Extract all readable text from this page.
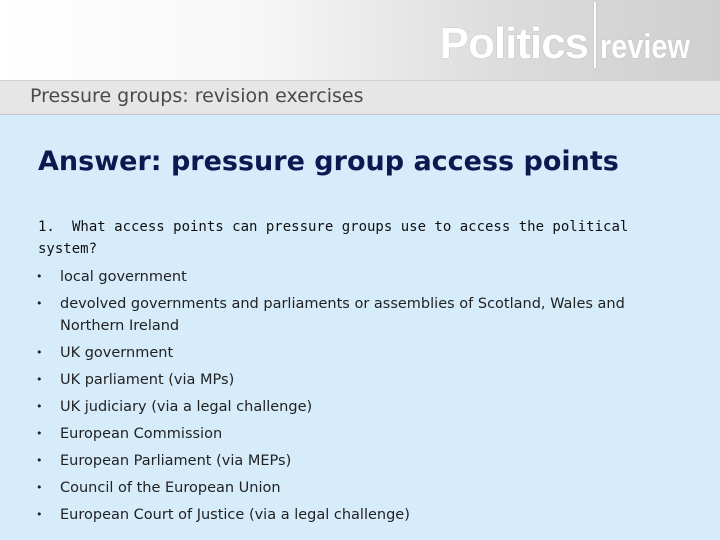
Politics review
Pressure groups: revision exercises
Answer: pressure group access points

1. What access points can pressure groups use to access the political system?

•	local government
•	devolved governments and parliaments or assemblies of Scotland, Wales and Northern Ireland
•	UK government
•	UK parliament (via MPs)
•	UK judiciary (via a legal challenge)
•	European Commission
•	European Parliament (via MEPs)
•	Council of the European Union
•	European Court of Justice (via a legal challenge)
